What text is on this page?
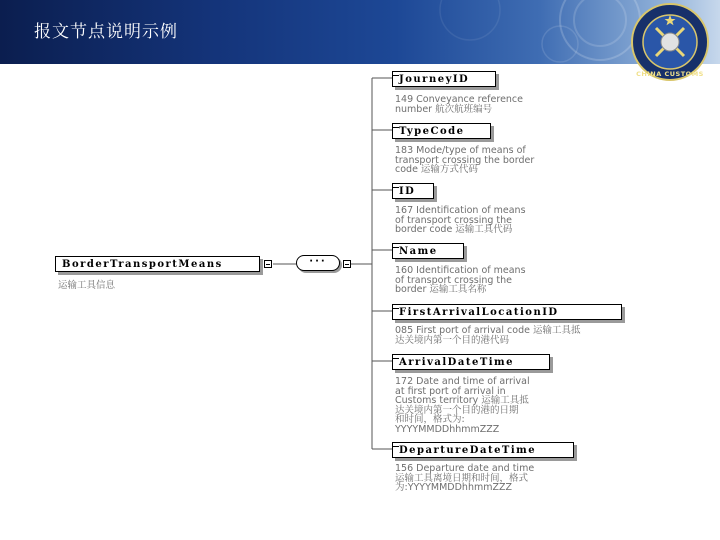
报文节点说明示例
CHINA CUSTOMS
BorderTransportMeans
运输工具信息
···
JourneyID
149 Conveyance reference
number 航次航班编号
TypeCode
183 Mode/type of means of
transport crossing the border
code 运输方式代码
ID
167 Identification of means
of transport crossing the
border code 运输工具代码
Name
160 Identification of means
of transport crossing the
border 运输工具名称
FirstArrivalLocationID
085 First port of arrival code 运输工具抵
达关境内第一个目的港代码
ArrivalDateTime
172 Date and time of arrival
at first port of arrival in
Customs territory 运输工具抵
达关境内第一个目的港的日期
和时间，格式为:
YYYYMMDDhhmmZZZ
DepartureDateTime
156 Departure date and time
运输工具离境日期和时间，格式
为:YYYYMMDDhhmmZZZ
